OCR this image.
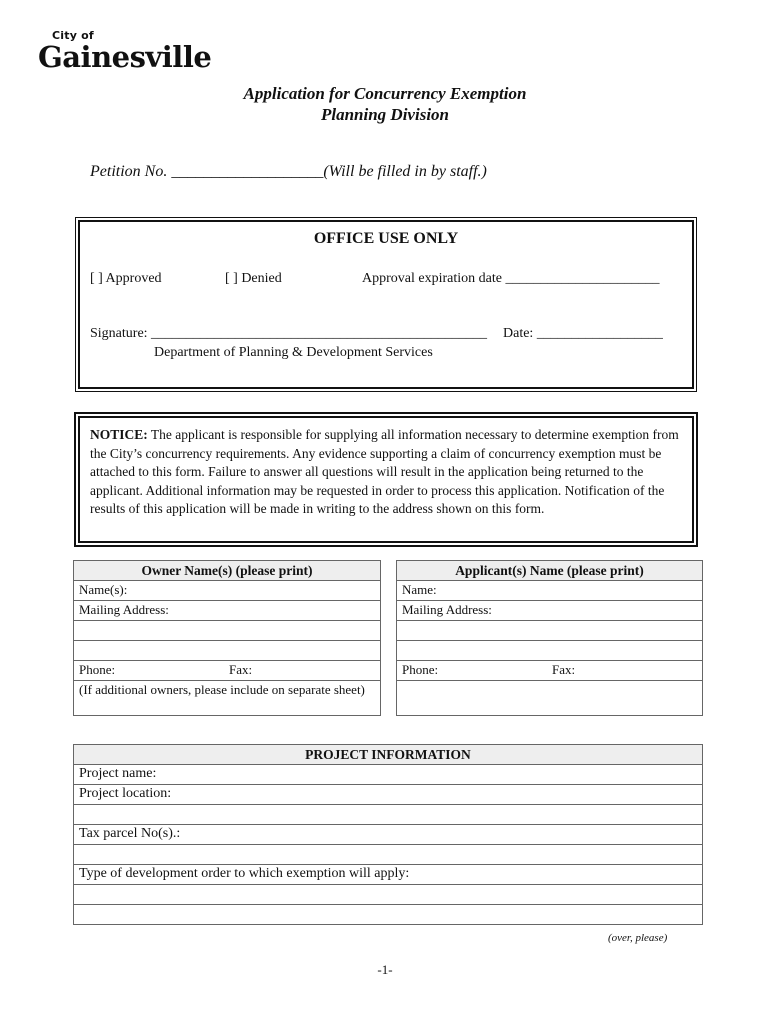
City of
Gainesville
Application for Concurrency Exemption
Planning Division
Petition No. ___________________(Will be filled in by staff.)
OFFICE USE ONLY
[ ] Approved	[ ] Denied	Approval expiration date ______________________
Signature: ________________________________________________ Date: __________________
Department of Planning & Development Services
NOTICE: The applicant is responsible for supplying all information necessary to determine exemption from the City’s concurrency requirements. Any evidence supporting a claim of concurrency exemption must be attached to this form. Failure to answer all questions will result in the application being returned to the applicant. Additional information may be requested in order to process this application. Notification of the results of this application will be made in writing to the address shown on this form.
Owner Name(s) (please print)
Name(s):
Mailing Address:

Phone:	Fax:
(If additional owners, please include on separate sheet)
Applicant(s) Name (please print)
Name:
Mailing Address:

Phone:	Fax:

PROJECT INFORMATION
Project name:
Project location:

Tax parcel No(s).:

Type of development order to which exemption will apply:

(over, please)
-1-
